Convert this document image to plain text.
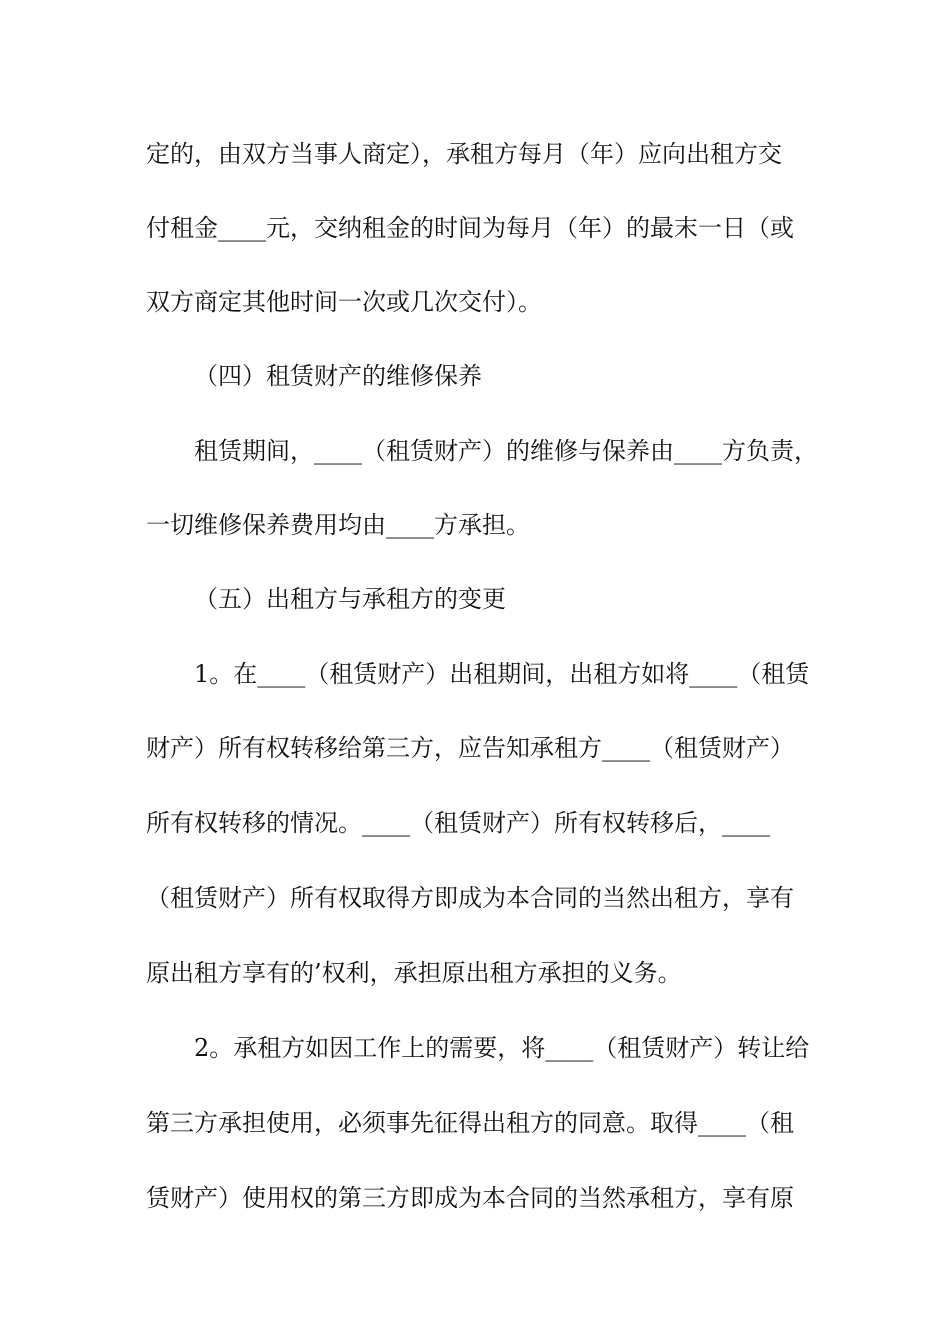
定的，由双方当事人商定），承租方每月（年）应向出租方交
付租金____元，交纳租金的时间为每月（年）的最末一日（或
双方商定其他时间一次或几次交付）。
（四）租赁财产的维修保养
租赁期间，____（租赁财产）的维修与保养由____方负责，
一切维修保养费用均由____方承担。
（五）出租方与承租方的变更
1。在____（租赁财产）出租期间，出租方如将____（租赁
财产）所有权转移给第三方，应告知承租方____（租赁财产）
所有权转移的情况。____（租赁财产）所有权转移后，____
（租赁财产）所有权取得方即成为本合同的当然出租方，享有
原出租方享有的’权利，承担原出租方承担的义务。
2。承租方如因工作上的需要，将____（租赁财产）转让给
第三方承担使用，必须事先征得出租方的同意。取得____（租
赁财产）使用权的第三方即成为本合同的当然承租方，享有原
